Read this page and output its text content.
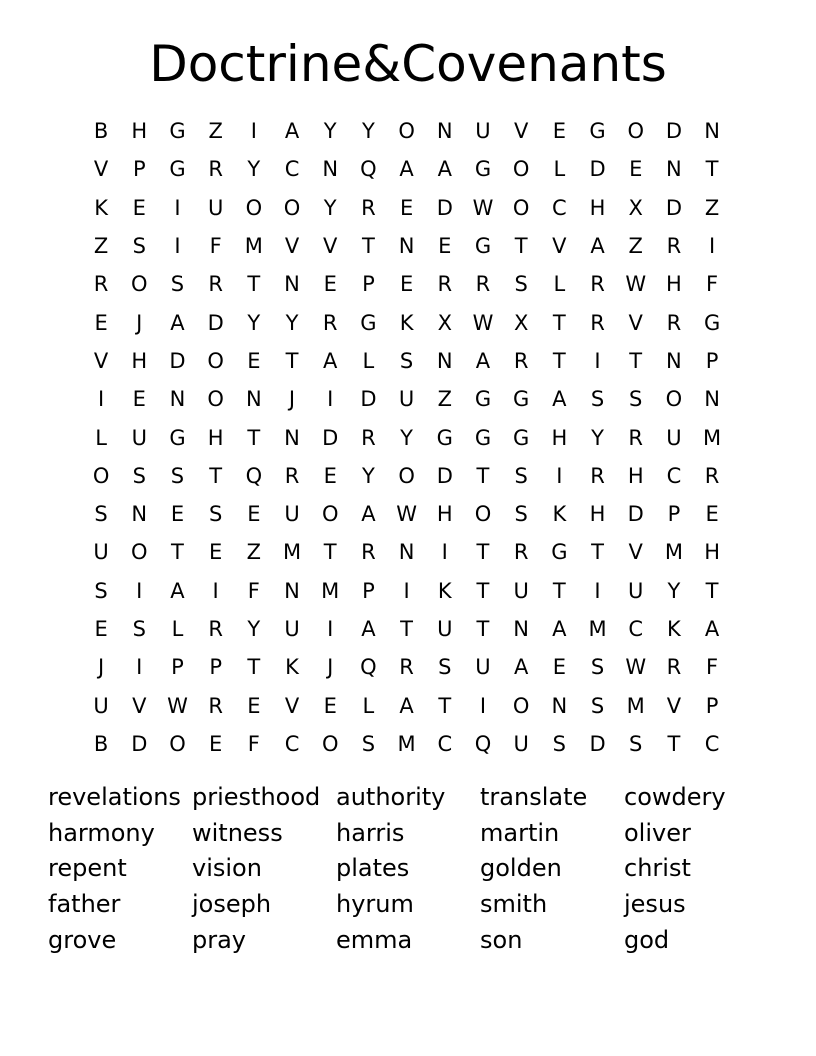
Doctrine&Covenants
B	H	G	Z	I	A	Y	Y	O	N	U	V	E	G	O	D	N
V	P	G	R	Y	C	N	Q	A	A	G	O	L	D	E	N	T
K	E	I	U	O	O	Y	R	E	D W O	C	H	X	D	Z
Z	S	I	F	M	V	V	T	N	E	G	T	V	A	Z	R	I
R	O	S	R	T	N	E	P	E	R	R	S	L	R W H	F
E	J	A	D	Y	Y	R	G	K	X W X	T	R	V	R	G
V	H	D	O	E	T	A	L	S	N	A	R	T	I	T	N	P
I	E	N	O	N	J	I	D	U	Z	G	G	A	S	S	O	N
L	U	G	H	T	N	D	R	Y	G	G	G	H	Y	R	U	M
O	S	S	T	Q	R	E	Y	O	D	T	S	I	R	H	C	R
S	N	E	S	E	U	O	A W H	O	S	K	H	D	P	E
U	O	T	E	Z	M	T	R	N	I	T	R	G	T	V	M	H
S	I	A	I	F	N	M	P	I	K	T	U	T	I	U	Y	T
E	S	L	R	Y	U	I	A	T	U	T	N	A	M	C	K	A
J	I	P	P	T	K	J	Q	R	S	U	A	E	S	W R	F
U	V W R	E	V	E	L	A	T	I	O	N	S	M	V	P
B	D	O	E	F	C	O	S	M	C	Q	U	S	D	S	T	C
revelations priesthood authority	translate	cowdery
harmony	witness	harris	martin	oliver
repent	vision	plates	golden	christ
father	joseph	hyrum	smith	jesus
grove	pray	emma	son	god
